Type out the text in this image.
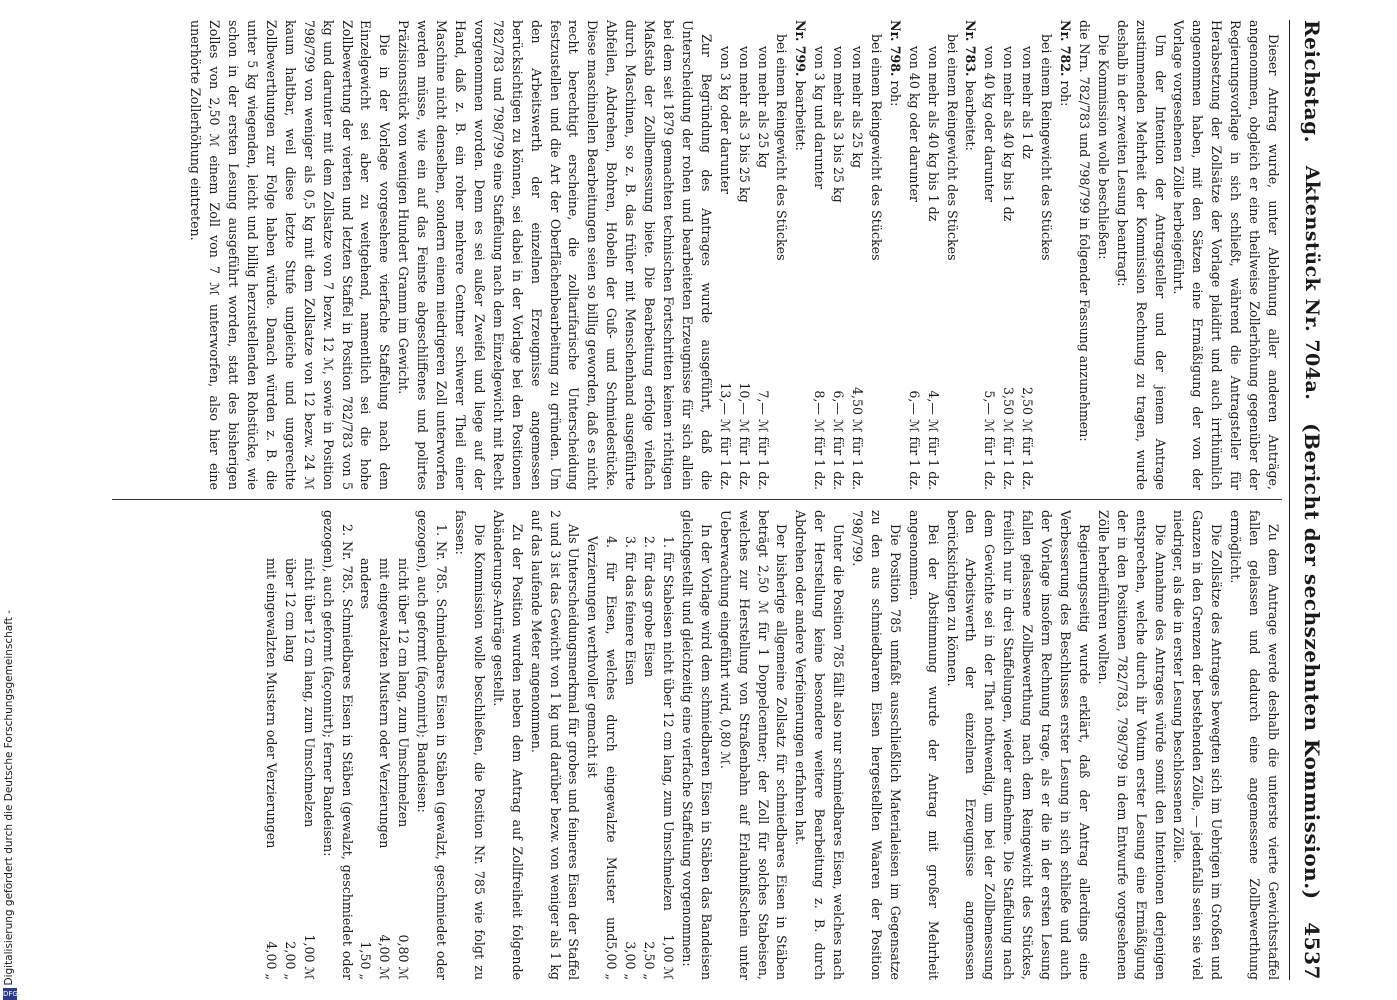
Reichstag.
Aktenstück Nr. 704a.
(Bericht der sechszehnten Kommission.)
4537

Dieser Antrag wurde, unter Ablehnung aller anderen Anträge, angenommen, obgleich er eine theilweise Zollerhöhung gegenüber der Regierungsvorlage in sich schließt, während die Antragsteller für Herabsetzung der Zollsätze der Vorlage plaidirt und auch irrthümlich angenommen haben, mit den Sätzen eine Ermäßigung der von der Vorlage vorgesehenen Zölle herbeigeführt.

Um der Intention der Antragsteller und der jenem Antrage zustimmenden Mehrheit der Kommission Rechnung zu tragen, wurde deshalb in der zweiten Lesung beantragt:

Die Kommission wolle beschließen:

die Nrn. 782/783 und 798/799 in folgender Fassung anzunehmen:

Nr. 782. roh:

bei einem Reingewicht des Stückes

von mehr als 1 dz
2,50 ℳ für 1 dz.
von mehr als 40 kg bis 1 dz
3,50 ℳ für 1 dz.
von 40 kg oder darunter
5,— ℳ für 1 dz.

Nr. 783. bearbeitet:

bei einem Reingewicht des Stückes

von mehr als 40 kg bis 1 dz
4,— ℳ für 1 dz.
von 40 kg oder darunter
6,— ℳ für 1 dz.

Nr. 798. roh:

bei einem Reingewicht des Stückes

von mehr als 25 kg
4,50 ℳ für 1 dz.
von mehr als 3 bis 25 kg
6,— ℳ für 1 dz.
von 3 kg und darunter
8,— ℳ für 1 dz.

Nr. 799. bearbeitet:

bei einem Reingewicht des Stückes

von mehr als 25 kg
7,— ℳ für 1 dz.
von mehr als 3 bis 25 kg
10,— ℳ für 1 dz.
von 3 kg oder darunter
13,— ℳ für 1 dz.

Zur Begründung des Antrages wurde ausgeführt, daß die Unterscheidung der rohen und bearbeiteten Erzeugnisse für sich allein bei dem seit 1879 gemachten technischen Fortschritten keinen richtigen Maßstab der Zollbemessung biete. Die Bearbeitung erfolge vielfach durch Maschinen, so z. B. das früher mit Menschenhand ausgeführte Abfeilen, Abdrehen, Bohren, Hobeln der Guß- und Schmiedestücke. Diese maschinellen Bearbeitungen seien so billig geworden, daß es nicht recht berechtigt erscheine, die zolltarifarische Unterscheidung festzustellen und die Art der Oberflächenbearbeitung zu gründen. Um den Arbeitswerth der einzelnen Erzeugnisse angemessen berücksichtigen zu können, sei dabei in der Vorlage bei den Positionen 782/783 und 798/799 eine Staffelung nach dem Einzelgewicht mit Recht vorgenommen worden. Denn es sei außer Zweifel und liege auf der Hand, daß z. B. ein roher mehrere Centner schwerer Theil einer Maschine nicht denselben, sondern einem niedrigeren Zoll unterworfen werden müsse, wie ein auf das Feinste abgeschliffenes und polirtes Präzisionsstück von wenigen Hundert Gramm im Gewicht.

Die in der Vorlage vorgesehene vierfache Staffelung nach dem Einzelgewicht sei aber zu weitgehend, namentlich sei die hohe Zollbewertung der vierten und letzten Staffel in Position 782/783 von 5 kg und darunter mit dem Zollsatze von 7 bezw. 12 ℳ, sowie in Position 798/799 von weniger als 0,5 kg mit dem Zollsatze von 12 bezw. 24 ℳ kaum haltbar, weil diese letzte Stufe ungleiche und ungerechte Zollbewerthungen zur Folge haben würde. Danach würden z. B. die unter 5 kg wiegenden, leicht und billig herzustellenden Rohstücke, wie schon in der ersten Lesung ausgeführt worden, statt des bisherigen Zolles von 2,50 ℳ einem Zoll von 7 ℳ unterworfen, also hier eine unerhörte Zollerhöhung eintreten.

Zu dem Antrage werde deshalb die unterste vierte Gewichtsstaffel fallen gelassen und dadurch eine angemessene Zollbewerthung ermöglicht.

Die Zollsätze des Antrages bewegten sich im Uebrigen im Großen und Ganzen in den Grenzen der bestehenden Zölle, — jedenfalls seien sie viel niedriger, als die in erster Lesung beschlossenen Zölle.

Die Annahme des Antrages würde somit den Intentionen derjenigen entsprechen, welche durch ihr Votum erster Lesung eine Ermäßigung der in den Positionen 782/783, 798/799 in dem Entwurfe vorgesehenen Zölle herbeiführen wollten.

Regierungsseitig wurde erklärt, daß der Antrag allerdings eine Verbesserung des Beschlusses erster Lesung in sich schließe und auch der Vorlage insofern Rechnung trage, als er die in der ersten Lesung fallen gelassene Zollbewerthung nach dem Reingewicht des Stückes, freilich nur in drei Staffelungen, wieder aufnehme. Die Staffelung nach dem Gewichte sei in der That nothwendig, um bei der Zollbemessung den Arbeitswerth der einzelnen Erzeugnisse angemessen berücksichtigen zu können.

Bei der Abstimmung wurde der Antrag mit großer Mehrheit angenommen.

Die Position 785 umfaßt ausschließlich Materialeisen im Gegensatze zu den aus schmiedbarem Eisen hergestellten Waaren der Position 798/799.

Unter die Position 785 fällt also nur schmiedbares Eisen, welches nach der Herstellung keine besondere weitere Bearbeitung z. B. durch Abdrehen oder andere Verfeinerungen erfahren hat.

Der bisherige allgemeine Zollsatz für schmiedbares Eisen in Stäben beträgt 2,50 ℳ für 1 Doppelcentner; der Zoll für solches Stabeisen, welches zur Herstellung von Straßenbahn auf Erlaubnißschein unter Ueberwachung eingeführt wird, 0,80 ℳ.

In der Vorlage wird dem schmiedbaren Eisen in Stäben das Bandeisen gleichgestellt und gleichzeitig eine vierfache Staffelung vorgenommen:

1. für Stabeisen nicht über 12 cm lang, zum Umschmelzen
1,00 ℳ
2. für das grobe Eisen
2,50 „
3. für das feinere Eisen
3,00 „
4. für Eisen, welches durch eingewalzte Muster und Verzierungen werthvoller gemacht ist
5,00 „

Als Unterscheidungsmerkmal für grobes und feineres Eisen der Staffel 2 und 3 ist das Gewicht von 1 kg und darüber bezw. von weniger als 1 kg auf das laufende Meter angenommen.

Zu der Position wurden neben dem Antrag auf Zollfreiheit folgende Abänderungs-Anträge gestellt.

Die Kommission wolle beschließen, die Position Nr. 785 wie folgt zu fassen:

1. Nr. 785. Schmiedbares Eisen in Stäben (gewalzt, geschmiedet oder gezogen), auch geformt (façonnirt); Bandeisen:

nicht über 12 cm lang, zum Umschmelzen
0,80 ℳ
mit eingewalzten Mustern oder Verzierungen
4,00 ℳ
anderes
1,50 „

2. Nr. 785. Schmiedbares Eisen in Stäben (gewalzt, geschmiedet oder gezogen), auch geformt (façonnirt); ferner Bandeisen:

nicht über 12 cm lang, zum Umschmelzen
1,00 ℳ
über 12 cm lang
2,00 „
mit eingewalzten Mustern oder Verzierungen
4,00 „
Digitalisierung gefördert durch die Deutsche Forschungsgemeinschaft -
DFG
